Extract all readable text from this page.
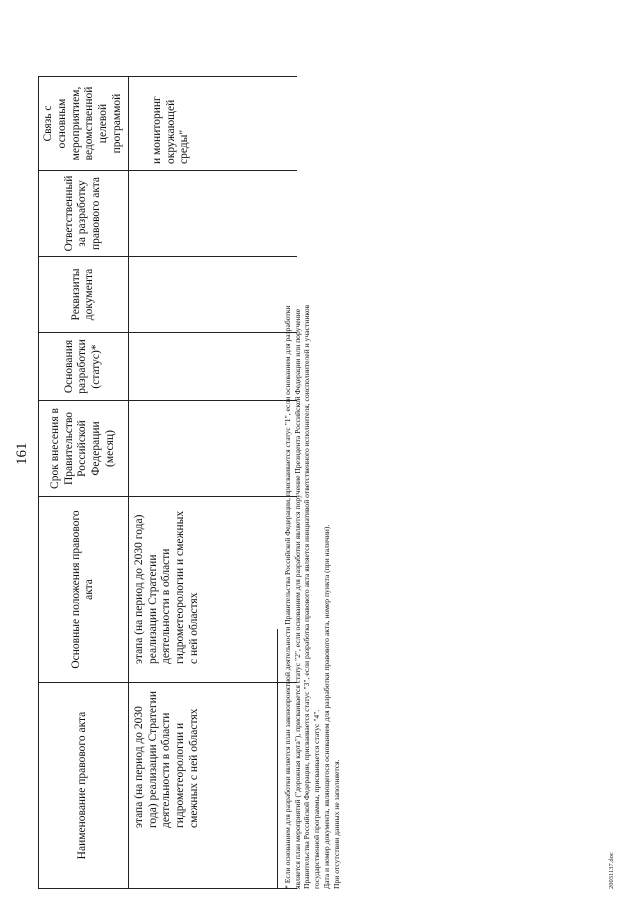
161
Наименование правового акта	Основные положения правового акта	Срок внесения в Правительство Российской Федерации (месяц)	Основания разработки (статус)*	Реквизиты документа	Ответственный за разработку правового акта	Связь с основным мероприятием, ведомственной целевой программой
этапа (на период до 2030 года) реализации Стратегии деятельности в области гидрометеорологии и смежных с ней областях	этапа (на период до 2030 года) реализации Стратегии деятельности в области гидрометеорологии и смежных с ней областях					и мониторинг окружающей среды"
* Если основанием для разработки является план законопроектной деятельности Правительства Российской Федерации, присваивается статус "1", если основанием для разработки является план мероприятий ("дорожная карта"), присваивается статус "2", если основанием для разработки является поручение Президента Российской Федерации или поручение Правительства Российской Федерации, присваивается статус "3", если разработка правового акта является инициативой ответственного исполнителя, соисполнителей и участников государственной программы, присваивается статус "4". Дата и номер документа, являющегося основанием для разработки правового акта, номер пункта (при наличии). При отсутствии данных не заполняется.	20031137.doc
